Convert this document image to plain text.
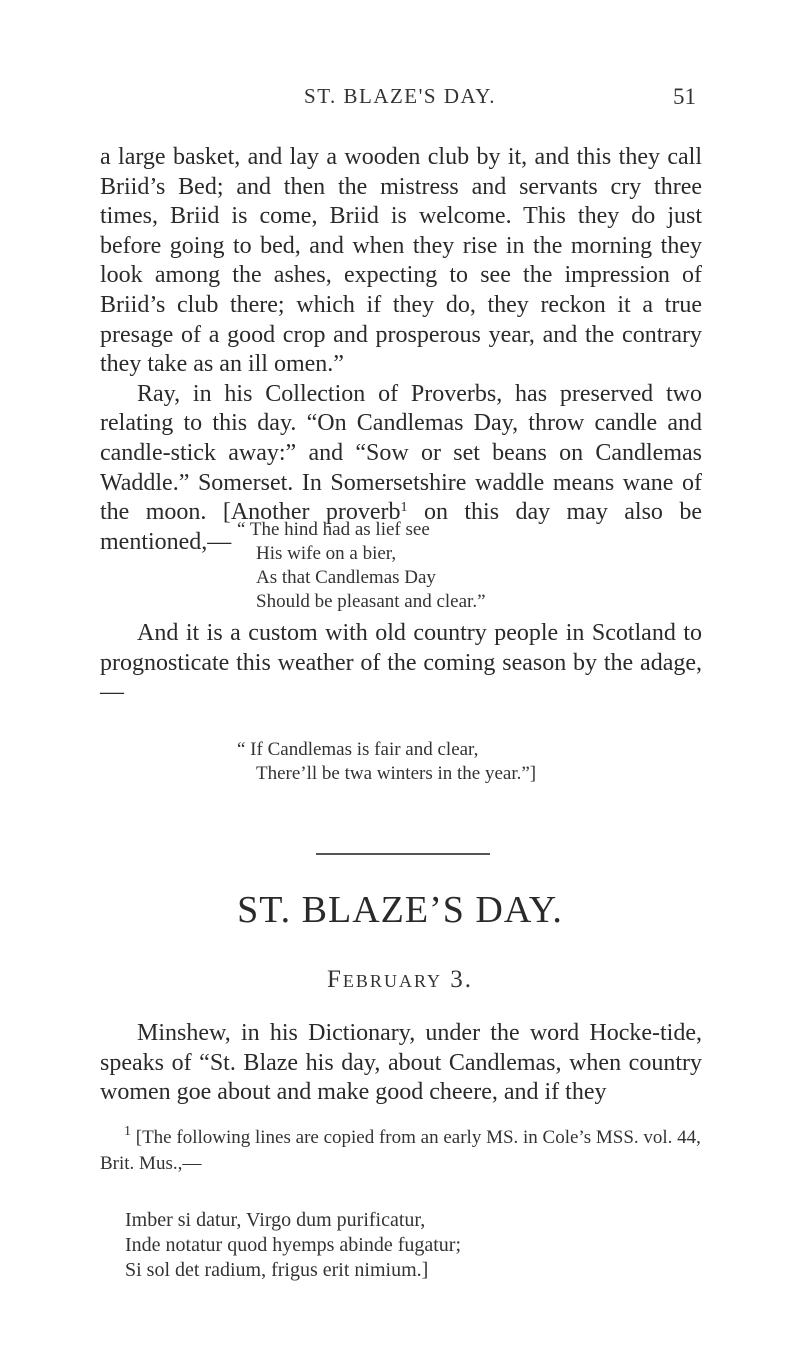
ST. BLAZE'S DAY.	51

a large basket, and lay a wooden club by it, and this they call Briid’s Bed; and then the mistress and servants cry three times, Briid is come, Briid is welcome. This they do just before going to bed, and when they rise in the morning they look among the ashes, expecting to see the impression of Briid’s club there; which if they do, they reckon it a true presage of a good crop and prosperous year, and the contrary they take as an ill omen.”

Ray, in his Collection of Proverbs, has preserved two relating to this day. “On Candlemas Day, throw candle and candle-stick away:” and “Sow or set beans on Candlemas Waddle.” Somerset. In Somersetshire waddle means wane of the moon. [Another proverb$^1$ on this day may also be mentioned,— “ The hind had as lief see
His wife on a bier,
As that Candlemas Day
Should be pleasant and clear.”

And it is a custom with old country people in Scotland to prognosticate this weather of the coming season by the adage,—

“ If Candlemas is fair and clear,
There’ll be twa winters in the year.”]
ST. BLAZE’S DAY.
February 3.

Minshew, in his Dictionary, under the word Hocke-tide, speaks of “St. Blaze his day, about Candlemas, when country women goe about and make good cheere, and if they

$^1$ [The following lines are copied from an early MS. in Cole’s MSS. vol. 44, Brit. Mus.,—

Imber si datur, Virgo dum purificatur,
Inde notatur quod hyemps abinde fugatur;
Si sol det radium, frigus erit nimium.]
